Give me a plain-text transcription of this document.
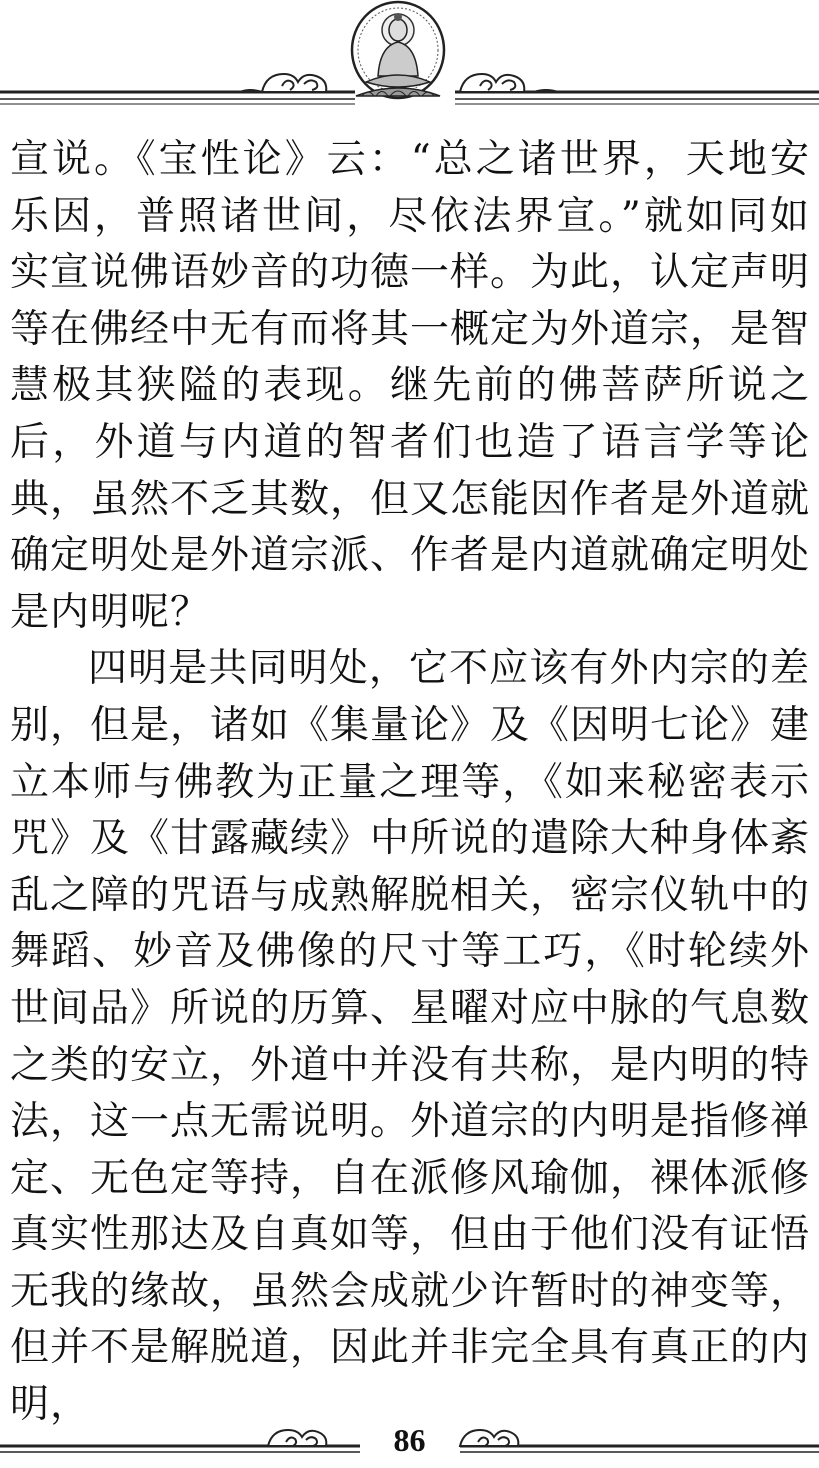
宣说。《宝性论》云：“总之诸世界，天地安乐因，普照诸世间，尽依法界宣。”就如同如实宣说佛语妙音的功德一样。为此，认定声明等在佛经中无有而将其一概定为外道宗，是智慧极其狭隘的表现。继先前的佛菩萨所说之后，外道与内道的智者们也造了语言学等论典，虽然不乏其数，但又怎能因作者是外道就确定明处是外道宗派、作者是内道就确定明处是内明呢？

四明是共同明处，它不应该有外内宗的差别，但是，诸如《集量论》及《因明七论》建立本师与佛教为正量之理等，《如来秘密表示咒》及《甘露藏续》中所说的遣除大种身体紊乱之障的咒语与成熟解脱相关，密宗仪轨中的舞蹈、妙音及佛像的尺寸等工巧，《时轮续外世间品》所说的历算、星曜对应中脉的气息数之类的安立，外道中并没有共称，是内明的特法，这一点无需说明。外道宗的内明是指修禅定、无色定等持，自在派修风瑜伽，裸体派修真实性那达及自真如等，但由于他们没有证悟无我的缘故，虽然会成就少许暂时的神变等，但并不是解脱道，因此并非完全具有真正的内明，

86
